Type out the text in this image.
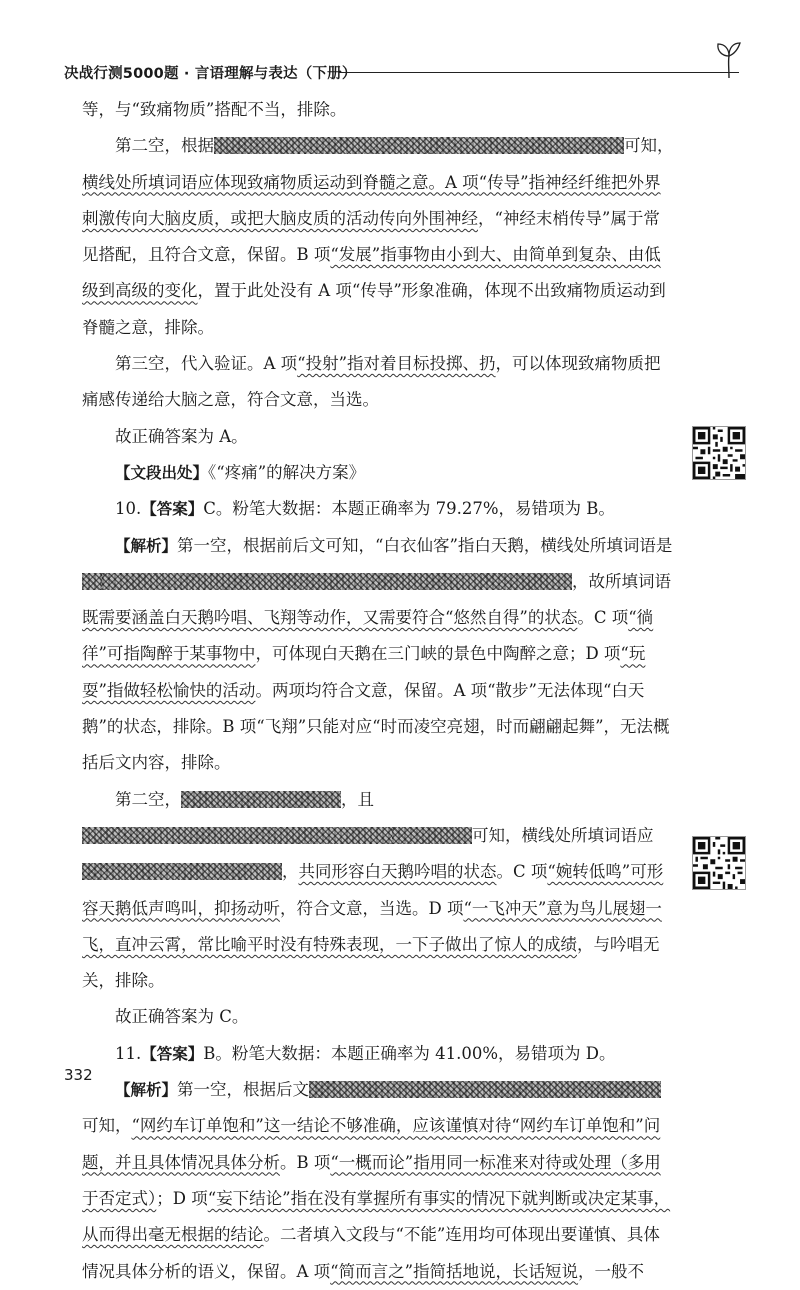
决战行测5000题 · 言语理解与表达（下册）

等，与“致痛物质”搭配不当，排除。

第二空，根据	可知，横线处所填词语应体现致痛物质运动到脊髓之意。A 项“传导”指神经纤维把外界刺激传向大脑皮质，或把大脑皮质的活动传向外围神经，“神经末梢传导”属于常见搭配，且符合文意，保留。B 项“发展”指事物由小到大、由简单到复杂、由低级到高级的变化，置于此处没有 A 项“传导”形象准确，体现不出致痛物质运动到脊髓之意，排除。

第三空，代入验证。A 项“投射”指对着目标投掷、扔，可以体现致痛物质把痛感传递给大脑之意，符合文意，当选。

故正确答案为 A。

【文段出处】《“疼痛”的解决方案》

10.【答案】C。粉笔大数据：本题正确率为 79.27%，易错项为 B。

【解析】第一空，根据前后文可知，“白衣仙客”指白天鹅，横线处所填词语是，故所填词语既需要涵盖白天鹅吟唱、飞翔等动作，又需要符合“悠然自得”的状态。C 项“徜徉”可指陶醉于某事物中，可体现白天鹅在三门峡的景色中陶醉之意；D 项“玩耍”指做轻松愉快的活动。两项均符合文意，保留。A 项“散步”无法体现“白天鹅”的状态，排除。B 项“飞翔”只能对应“时而凌空亮翅，时而翩翩起舞”，无法概括后文内容，排除。

第二空，	，且可知，横线处所填词语应，共同形容白天鹅吟唱的状态。C 项“婉转低鸣”可形容天鹅低声鸣叫，抑扬动听，符合文意，当选。D 项“一飞冲天”意为鸟儿展翅一飞，直冲云霄，常比喻平时没有特殊表现，一下子做出了惊人的成绩，与吟唱无关，排除。

故正确答案为 C。

11.【答案】B。粉笔大数据：本题正确率为 41.00%，易错项为 D。

【解析】第一空，根据后文可知，“网约车订单饱和”这一结论不够准确，应该谨慎对待“网约车订单饱和”问题，并且具体情况具体分析。B 项“一概而论”指用同一标准来对待或处理（多用于否定式）；D 项“妄下结论”指在没有掌握所有事实的情况下就判断或决定某事，从而得出毫无根据的结论。二者填入文段与“不能”连用均可体现出要谨慎、具体情况具体分析的语义，保留。A 项“简而言之”指简括地说，长话短说，一般不

332
